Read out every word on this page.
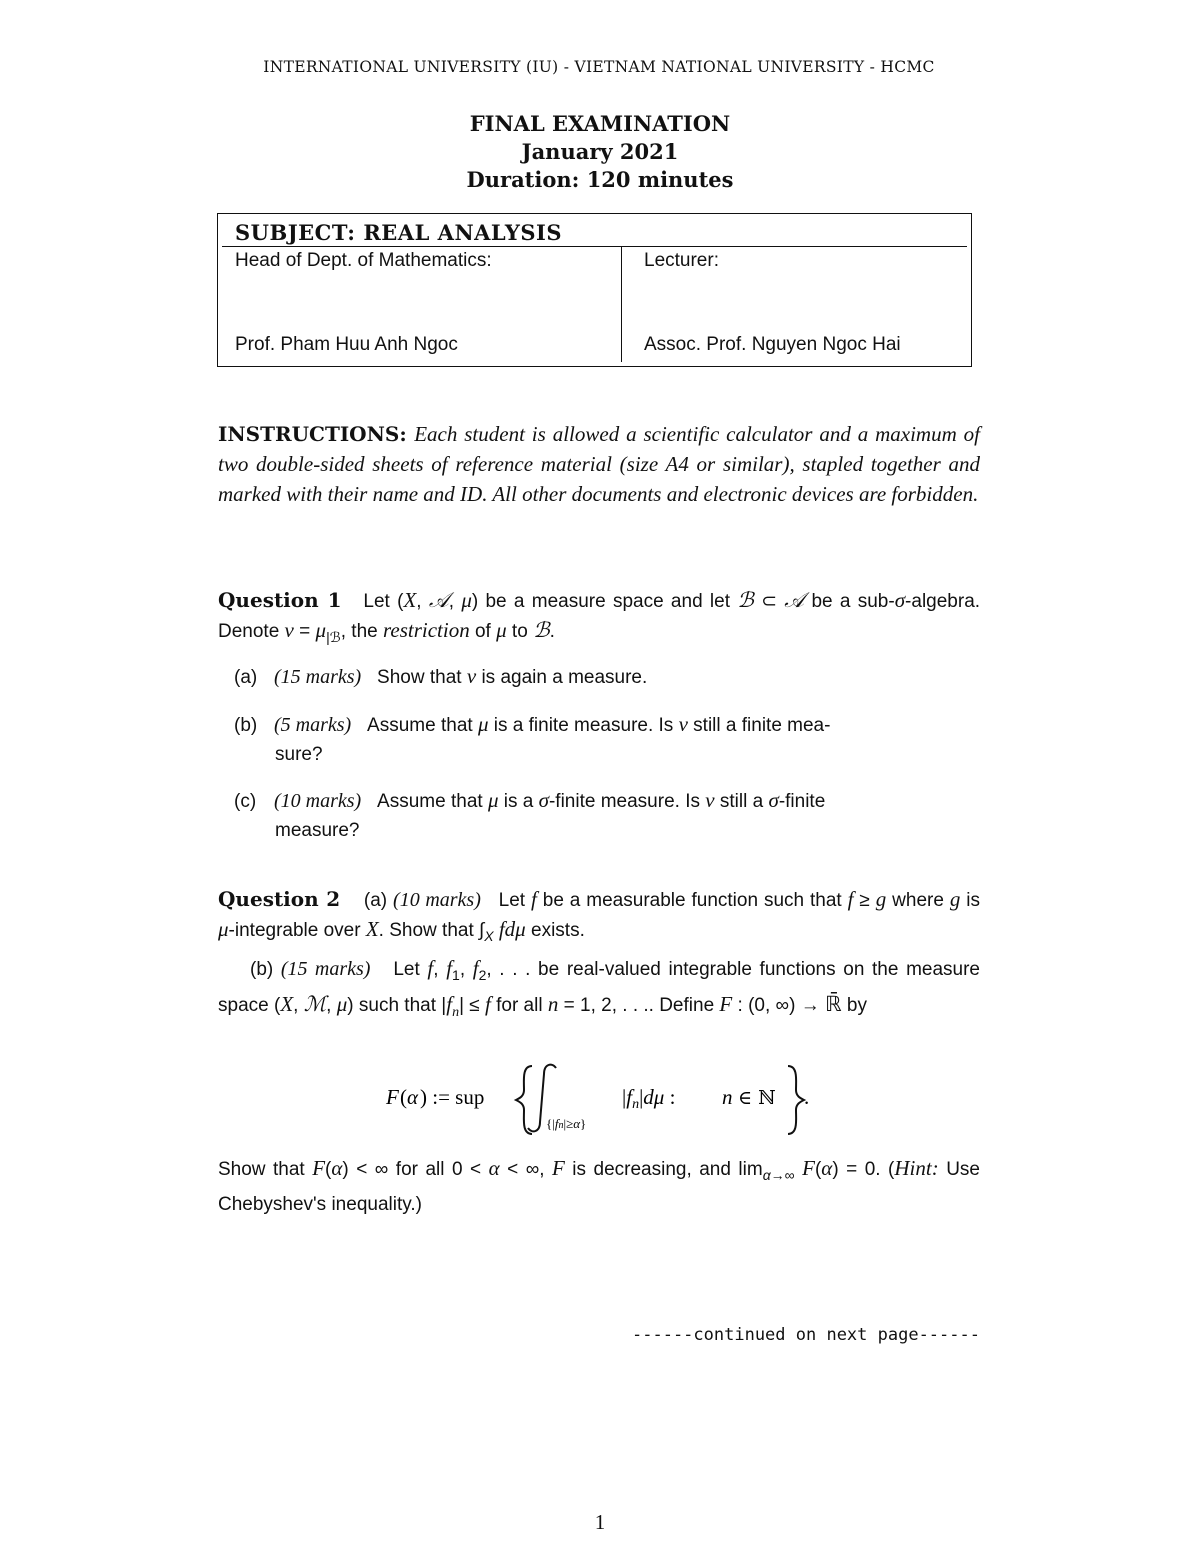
INTERNATIONAL UNIVERSITY (IU) - VIETNAM NATIONAL UNIVERSITY - HCMC
FINAL EXAMINATION
January 2021
Duration: 120 minutes
SUBJECT: REAL ANALYSIS
Head of Dept. of Mathematics:
Prof. Pham Huu Anh Ngoc
Lecturer:
Assoc. Prof. Nguyen Ngoc Hai
INSTRUCTIONS: Each student is allowed a scientific calculator and a maximum of two double-sided sheets of reference material (size A4 or similar), stapled together and marked with their name and ID. All other documents and electronic devices are forbidden.
Question 1   Let (X, 𝒜, μ) be a measure space and let ℬ ⊂ 𝒜 be a sub-σ-algebra. Denote $\nu = \mu_{|ℬ}$, the restriction of μ to ℬ.
(a) (15 marks)   Show that ν is again a measure.
(b) (5 marks)   Assume that μ is a finite measure. Is ν still a finite mea-
sure?
(c) (10 marks)   Assume that μ is a σ-finite measure. Is ν still a σ-finite
measure?
Question 2 (a) (10 marks)   Let f be a measurable function such that f ≥ g where g is μ-integrable over X. Show that $\int_X$ fdμ exists.
(b) (15 marks)   Let f, $f_1$, $f_2$, . . . be real-valued integrable functions on the measure space (X, ℳ, μ) such that $|f_n| \le f$ for all n = 1, 2, . . .. Define F : (0, ∞) → ℝ̄ by
F ( α ) := sup
{|fn|≥α}
|fn|dμ : n ∈ ℕ .
Show that F(α) < ∞ for all 0 < α < ∞, F is decreasing, and $\lim_{\alpha\to\infty} F(\alpha) = 0$. (Hint: Use Chebyshev's inequality.)
------continued on next page------
1
